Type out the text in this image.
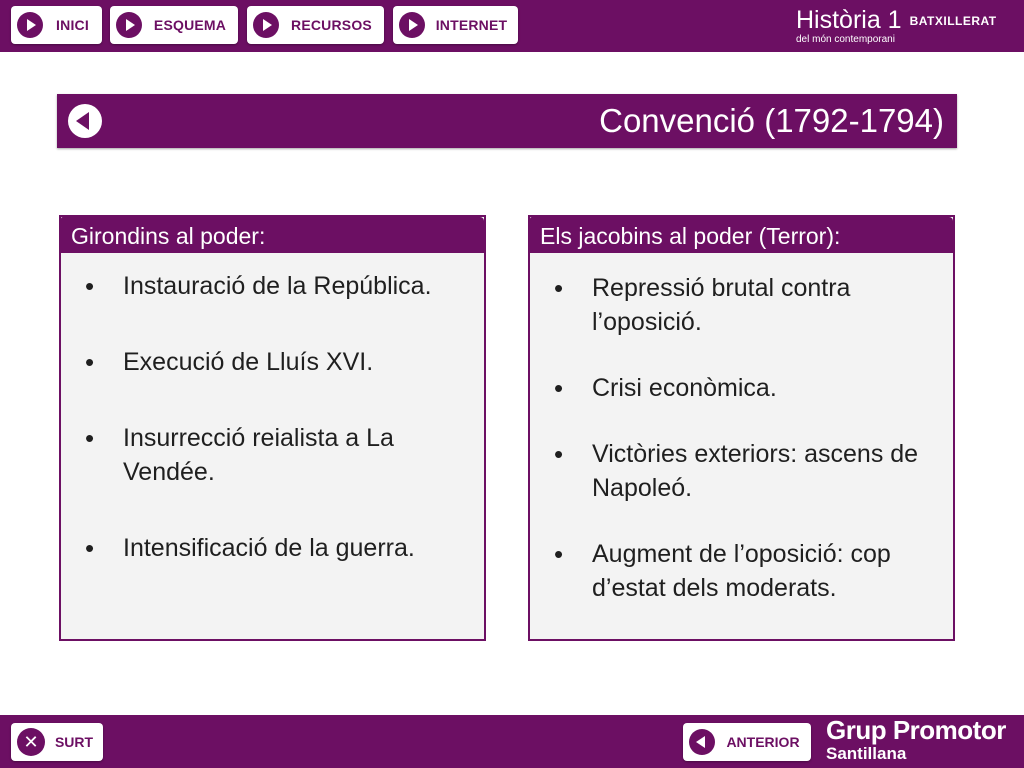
INICI	ESQUEMA	RECURSOS	INTERNET	Història 1 BATXILLERAT
del món contemporani
Convenció (1792-1794)
Girondins al poder:
• Instauració de la República.
• Execució de Lluís XVI.
• Insurrecció reialista a La Vendée.
• Intensificació de la guerra.
Els jacobins al poder (Terror):
• Repressió brutal contra l’oposició.
• Crisi econòmica.
• Victòries exteriors: ascens de Napoleó.
• Augment de l’oposició: cop d’estat dels moderats.
✕	SURT	ANTERIOR	Grup Promotor
Santillana
